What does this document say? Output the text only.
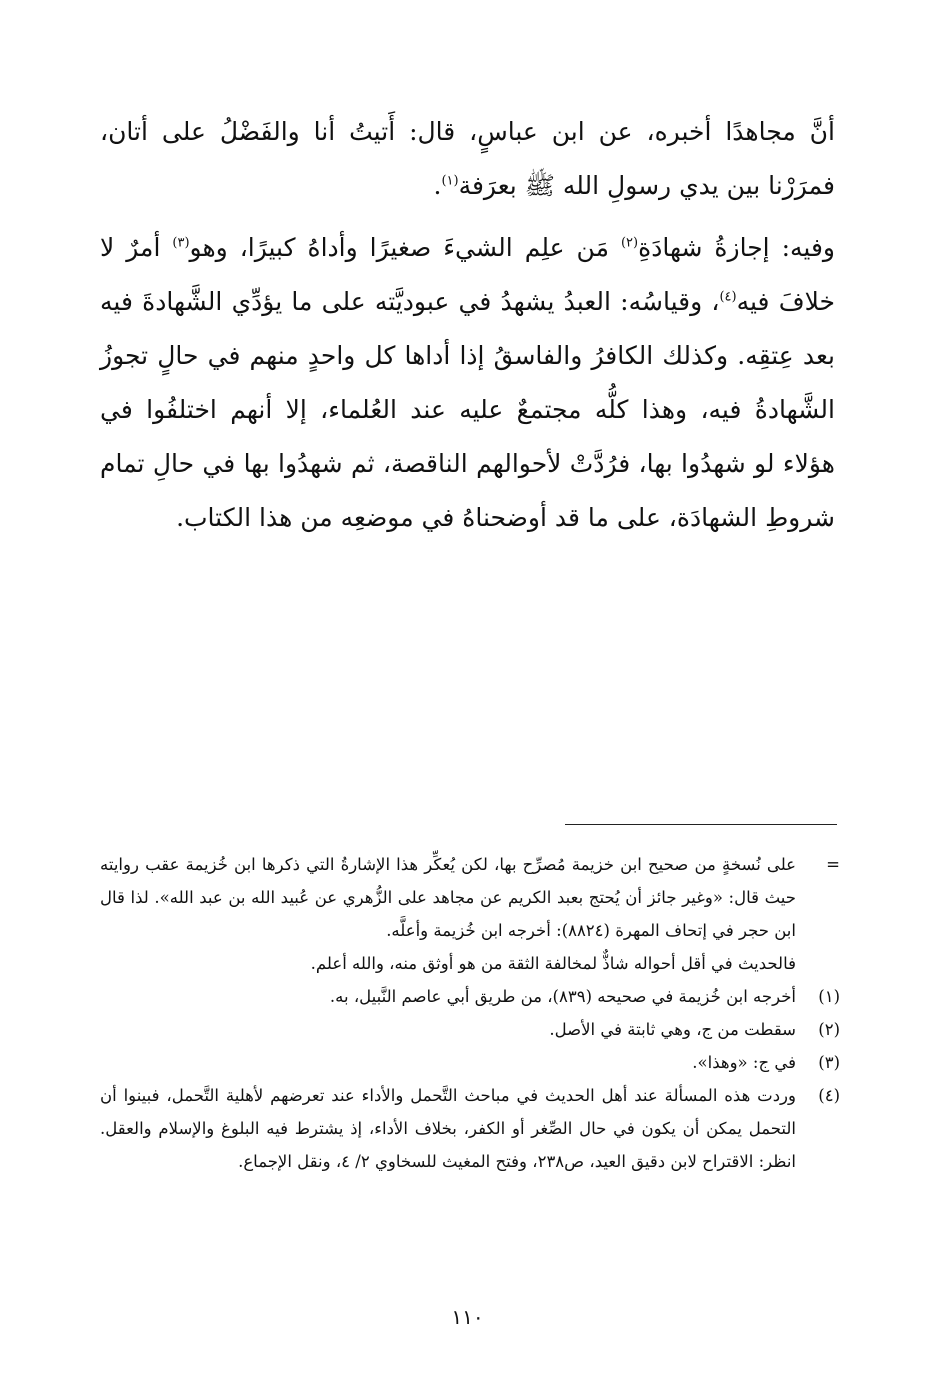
أنَّ مجاهدًا أخبره، عن ابن عباسٍ، قال: أَتيتُ أنا والفَضْلُ على أتان، فمرَرْنا بين يدي رسولِ الله ﷺ بعرَفة$^{(١)}$.

وفيه: إجازةُ شهادَةِ$^{(٢)}$ مَن علِم الشيءَ صغيرًا وأداهُ كبيرًا، وهو$^{(٣)}$ أمرٌ لا خلافَ فيه$^{(٤)}$، وقياسُه: العبدُ يشهدُ في عبوديَّته على ما يؤدِّي الشَّهادةَ فيه بعد عِتقِه. وكذلك الكافرُ والفاسقُ إذا أداها كل واحدٍ منهم في حالٍ تجوزُ الشَّهادةُ فيه، وهذا كلُّه مجتمعٌ عليه عند العُلماء، إلا أنهم اختلفُوا في هؤلاء لو شهدُوا بها، فرُدَّتْ لأحوالهم الناقصة، ثم شهدُوا بها في حالِ تمام شروطِ الشهادَة، على ما قد أوضحناهُ في موضعِه من هذا الكتاب.

=
على نُسخةٍ من صحيح ابن خزيمة مُصرِّح بها، لكن يُعكِّر هذا الإشارةُ التي ذكرها ابن خُزيمة عقب روايته حيث قال: «وغير جائز أن يُحتج بعبد الكريم عن مجاهد على الزُّهري عن عُبيد الله بن عبد الله». لذا قال ابن حجر في إتحاف المهرة (٨٨٢٤): أخرجه ابن خُزيمة وأعلَّه.

فالحديث في أقل أحواله شاذٌّ لمخالفة الثقة من هو أوثق منه، والله أعلم.

(١)
أخرجه ابن خُزيمة في صحيحه (٨٣٩)، من طريق أبي عاصم النَّبيل، به.

(٢)
سقطت من ج، وهي ثابتة في الأصل.

(٣)
في ج: «وهذا».

(٤)
وردت هذه المسألة عند أهل الحديث في مباحث التَّحمل والأداء عند تعرضهم لأهلية التَّحمل، فبينوا أن التحمل يمكن أن يكون في حال الصِّغر أو الكفر، بخلاف الأداء، إذ يشترط فيه البلوغ والإسلام والعقل. انظر: الاقتراح لابن دقيق العيد، ص٢٣٨، وفتح المغيث للسخاوي ٢/ ٤، ونقل الإجماع.

١١٠
